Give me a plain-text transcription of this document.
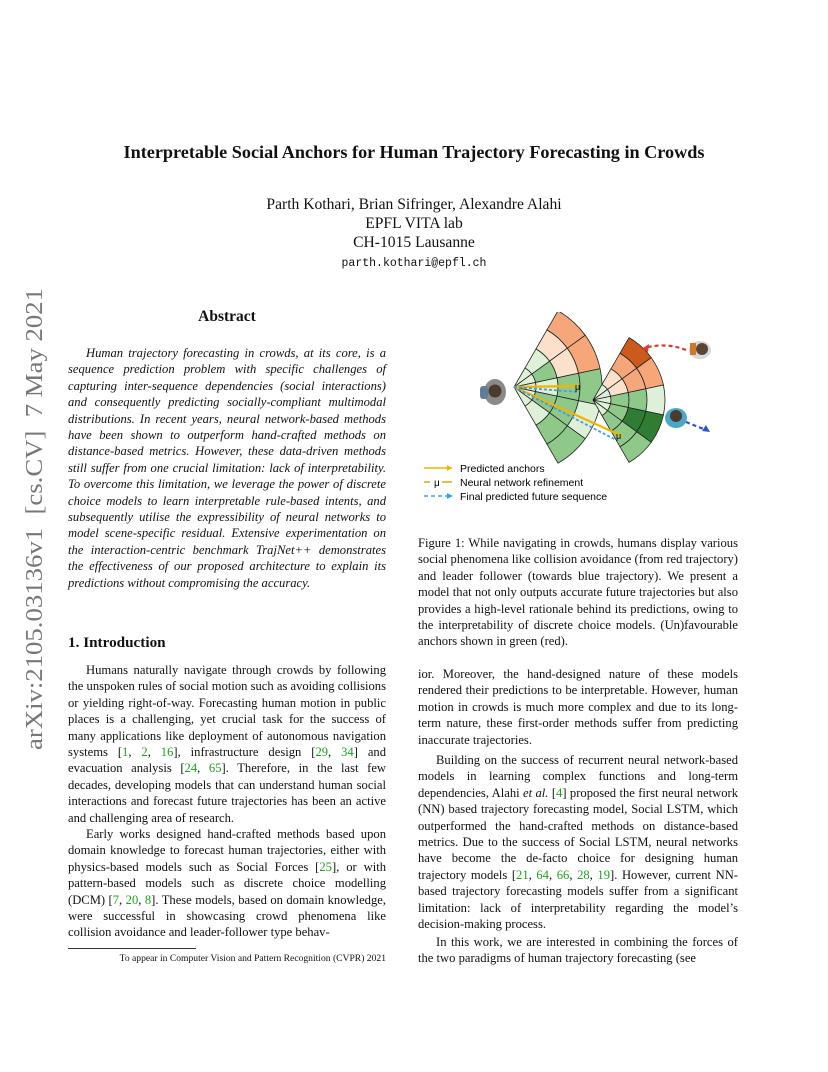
arXiv:2105.03136v1  [cs.CV]  7 May 2021
Interpretable Social Anchors for Human Trajectory Forecasting in Crowds
Parth Kothari, Brian Sifringer, Alexandre Alahi
EPFL VITA lab
CH-1015 Lausanne
parth.kothari@epfl.ch
Abstract

Human trajectory forecasting in crowds, at its core, is a sequence prediction problem with specific challenges of capturing inter-sequence dependencies (social interactions) and consequently predicting socially-compliant multimodal distributions. In recent years, neural network-based methods have been shown to outperform hand-crafted methods on distance-based metrics. However, these data-driven methods still suffer from one crucial limitation: lack of interpretability. To overcome this limitation, we leverage the power of discrete choice models to learn interpretable rule-based intents, and subsequently utilise the expressibility of neural networks to model scene-specific residual. Extensive experimentation on the interaction-centric benchmark TrajNet++ demonstrates the effectiveness of our proposed architecture to explain its predictions without compromising the accuracy.

1. Introduction

Humans naturally navigate through crowds by following the unspoken rules of social motion such as avoiding collisions or yielding right-of-way. Forecasting human motion in public places is a challenging, yet crucial task for the success of many applications like deployment of autonomous navigation systems [1, 2, 16], infrastructure design [29, 34] and evacuation analysis [24, 65]. Therefore, in the last few decades, developing models that can understand human social interactions and forecast future trajectories has been an active and challenging area of research.

Early works designed hand-crafted methods based upon domain knowledge to forecast human trajectories, either with physics-based models such as Social Forces [25], or with pattern-based models such as discrete choice modelling (DCM) [7, 20, 8]. These models, based on domain knowledge, were successful in showcasing crowd phenomena like collision avoidance and leader-follower type behav-

To appear in Computer Vision and Pattern Recognition (CVPR) 2021
μ
μ
Predicted anchors
μ Neural network refinement
Final predicted future sequence

Figure 1: While navigating in crowds, humans display various social phenomena like collision avoidance (from red trajectory) and leader follower (towards blue trajectory). We present a model that not only outputs accurate future trajectories but also provides a high-level rationale behind its predictions, owing to the interpretability of discrete choice models. (Un)favourable anchors shown in green (red).

ior. Moreover, the hand-designed nature of these models rendered their predictions to be interpretable. However, human motion in crowds is much more complex and due to its long-term nature, these first-order methods suffer from predicting inaccurate trajectories.

Building on the success of recurrent neural network-based models in learning complex functions and long-term dependencies, Alahi et al. [4] proposed the first neural network (NN) based trajectory forecasting model, Social LSTM, which outperformed the hand-crafted methods on distance-based metrics. Due to the success of Social LSTM, neural networks have become the de-facto choice for designing human trajectory models [21, 64, 66, 28, 19]. However, current NN-based trajectory forecasting models suffer from a significant limitation: lack of interpretability regarding the model’s decision-making process.

In this work, we are interested in combining the forces of the two paradigms of human trajectory forecasting (see
